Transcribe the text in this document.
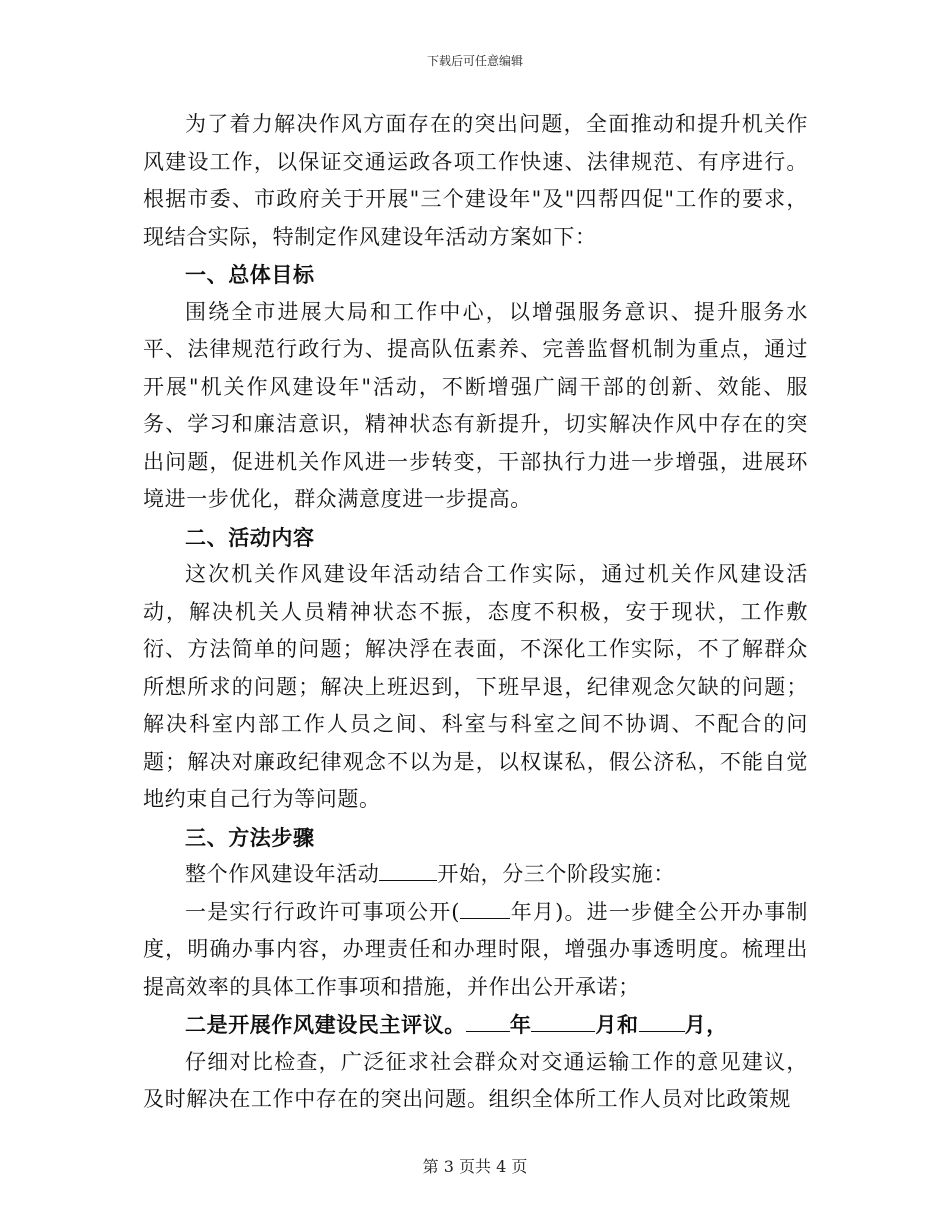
下载后可任意编辑

为了着力解决作风方面存在的突出问题，全面推动和提升机关作风建设工作，以保证交通运政各项工作快速、法律规范、有序进行。根据市委、市政府关于开展"三个建设年"及"四帮四促"工作的要求，现结合实际，特制定作风建设年活动方案如下：

一、总体目标

围绕全市进展大局和工作中心，以增强服务意识、提升服务水平、法律规范行政行为、提高队伍素养、完善监督机制为重点，通过开展"机关作风建设年"活动，不断增强广阔干部的创新、效能、服务、学习和廉洁意识，精神状态有新提升，切实解决作风中存在的突出问题，促进机关作风进一步转变，干部执行力进一步增强，进展环境进一步优化，群众满意度进一步提高。

二、活动内容

这次机关作风建设年活动结合工作实际，通过机关作风建设活动，解决机关人员精神状态不振，态度不积极，安于现状，工作敷衍、方法简单的问题；解决浮在表面，不深化工作实际，不了解群众所想所求的问题；解决上班迟到，下班早退，纪律观念欠缺的问题；解决科室内部工作人员之间、科室与科室之间不协调、不配合的问题；解决对廉政纪律观念不以为是，以权谋私，假公济私，不能自觉地约束自己行为等问题。

三、方法步骤

整个作风建设年活动	开始，分三个阶段实施：

一是实行行政许可事项公开( 年月)。进一步健全公开办事制度，明确办事内容，办理责任和办理时限，增强办事透明度。梳理出提高效率的具体工作事项和措施，并作出公开承诺；

二是开展作风建设民主评议。 年	月和 月，

仔细对比检查，广泛征求社会群众对交通运输工作的意见建议，及时解决在工作中存在的突出问题。组织全体所工作人员对比政策规

第 3 页共 4 页
